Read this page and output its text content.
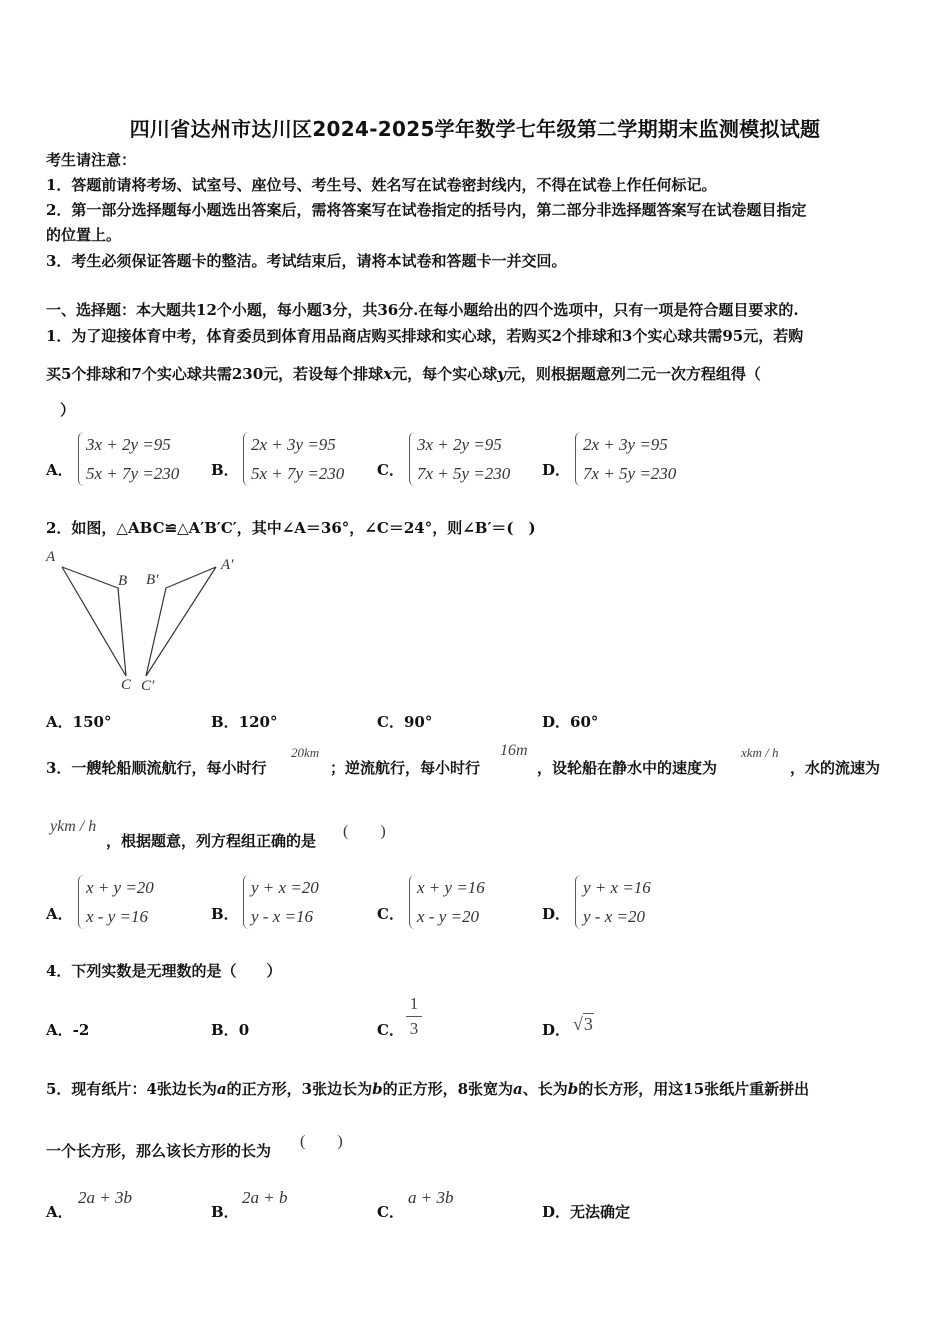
四川省达州市达川区2024-2025学年数学七年级第二学期期末监测模拟试题
考生请注意：
1．答题前请将考场、试室号、座位号、考生号、姓名写在试卷密封线内，不得在试卷上作任何标记。
2．第一部分选择题每小题选出答案后，需将答案写在试卷指定的括号内，第二部分非选择题答案写在试卷题目指定
的位置上。
3．考生必须保证答题卡的整洁。考试结束后，请将本试卷和答题卡一并交回。
一、选择题：本大题共12个小题，每小题3分，共36分.在每小题给出的四个选项中，只有一项是符合题目要求的.
1．为了迎接体育中考，体育委员到体育用品商店购买排球和实心球，若购买2个排球和3个实心球共需95元，若购
买5个排球和7个实心球共需230元，若设每个排球x元，每个实心球y元，则根据题意列二元一次方程组得（
）
A．
3x + 2y =95
5x + 7y =230 B．
2x + 3y =95
5x + 7y =230 C．
3x + 2y =95
7x + 5y =230 D．
2x + 3y =95
7x + 5y =230
2．如图，△ABC≌△A′B′C′，其中∠A＝36°，∠C＝24°，则∠B′＝(　)
A
B
C
B′
A′
C′
A．150°	B．120°	C．90°	D．60°
3．一艘轮船顺流航行，每小时行
20km
；逆流航行，每小时行
16m
，设轮船在静水中的速度为
xkm / h
，水的流速为
ykm / h
，根据题意，列方程组正确的是
(　　)
A．
x + y =20
x - y =16	B．
y + x =20
y - x =16	C．
x + y =16
x - y =20	D．
y + x =16
y - x =20
4．下列实数是无理数的是（　　）
A．-2	B．0	C．
1
3	D． √3
5．现有纸片：4张边长为a的正方形，3张边长为b的正方形，8张宽为a、长为b的长方形，用这15张纸片重新拼出
一个长方形，那么该长方形的长为
(　　)
A．
2a + 3b
B．
2a + b
C．
a + 3b
D．无法确定
